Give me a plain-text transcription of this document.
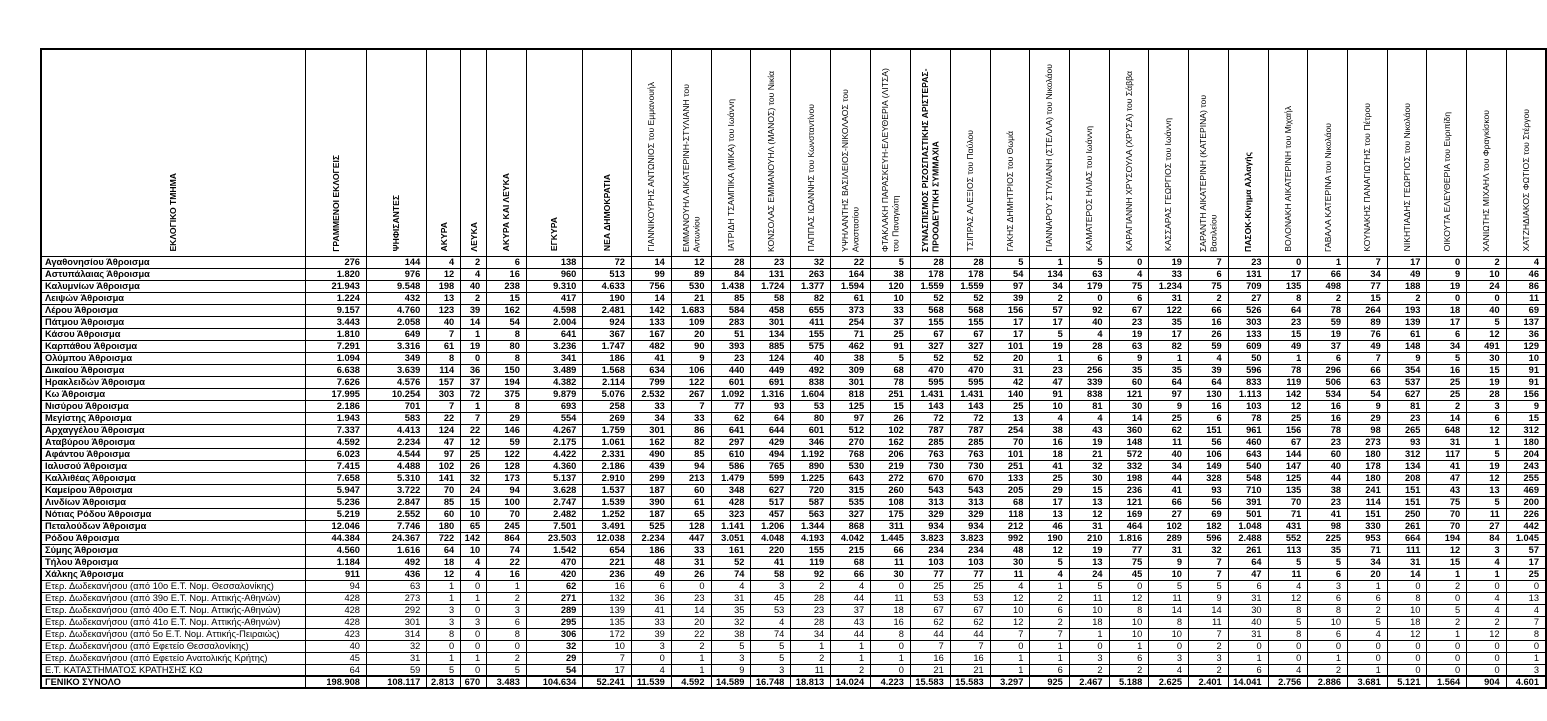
ΕΚΛΟΓΙΚΟ ΤΜΗΜΑ	ΓΡΑΜΜΕΝΟΙ ΕΚΛΟΓΕΙΣ	ΨΗΦΙΣΑΝΤΕΣ	ΑΚΥΡΑ	ΛΕΥΚΑ	ΑΚΥΡΑ ΚΑΙ ΛΕΥΚΑ	ΕΓΚΥΡΑ	ΝΕΑ ΔΗΜΟΚΡΑΤΙΑ	ΓΙΑΝΝΙΚΟΥΡΗΣ ΑΝΤΩΝΙΟΣ του Εμμανουήλ	ΕΜΜΑΝΟΥΗΛ ΑΙΚΑΤΕΡΙΝΗ-ΣΤΥΛΙΑΝΗ του Αντωνίου	ΙΑΤΡΙΔΗ ΤΣΑΜΠΙΚΑ (ΜΙΚΑ) του Ιωάννη	ΚΟΝΣΟΛΑΣ ΕΜΜΑΝΟΥΗΛ (ΜΑΝΟΣ) του Νικία	ΠΑΠΠΑΣ ΙΩΑΝΝΗΣ του Κωνσταντίνου	ΥΨΗΛΑΝΤΗΣ ΒΑΣΙΛΕΙΟΣ-ΝΙΚΟΛΑΟΣ του Αναστασίου	ΦΤΑΚΛΑΚΗ ΠΑΡΑΣΚΕΥΗ-ΕΛΕΥΘΕΡΙΑ (ΛΙΤΣΑ) του Παναγιώτη	ΣΥΝΑΣΠΙΣΜΟΣ ΡΙΖΟΣΠΑΣΤΙΚΗΣ ΑΡΙΣΤΕΡΑΣ-ΠΡΟΟΔΕΥΤΙΚΗ ΣΥΜΜΑΧΙΑ	ΤΣΙΠΡΑΣ ΑΛΕΞΙΟΣ του Παύλου	ΓΑΚΗΣ ΔΗΜΗΤΡΙΟΣ του Θωμά	ΓΙΑΝΝΑΡΟΥ ΣΤΥΛΙΑΝΗ (ΣΤΕΛΛΑ) του Νικολάου	ΚΑΜΑΤΕΡΟΣ ΗΛΙΑΣ του Ιωάννη	ΚΑΡΑΓΙΑΝΝΗ ΧΡΥΣΟΥΛΑ (ΧΡΥΣΑ) του Σάββα	ΚΑΣΣΑΡΑΣ ΓΕΩΡΓΙΟΣ του Ιωάννη	ΣΑΡΑΝΤΗ ΑΙΚΑΤΕΡΙΝΗ (ΚΑΤΕΡΙΝΑ) του Βασιλείου	ΠΑΣΟΚ-Κίνημα Αλλαγής	ΒΟΛΟΝΑΚΗ ΑΙΚΑΤΕΡΙΝΗ του Μιχαήλ	ΓΑΒΑΛΑ ΚΑΤΕΡΙΝΑ του Νικολάου	ΚΟΥΝΑΚΗΣ ΠΑΝΑΓΙΩΤΗΣ του Πέτρου	ΝΙΚΗΤΙΑΔΗΣ ΓΕΩΡΓΙΟΣ του Νικολάου	ΟΙΚΟΥΤΑ ΕΛΕΥΘΕΡΙΑ του Ευριπίδη	ΧΑΝΙΩΤΗΣ ΜΙΧΑΗΛ του Φραγκίσκου	ΧΑΤΖΗΔΙΑΚΟΣ ΦΩΤΙΟΣ του Στέργου

Αγαθονησίου Άθροισμα	276	144	4	2	6	138	72	14	12	28	23	32	22	5	28	28	5	1	5	0	19	7	23	0	1	7	17	0	2	4
Αστυπάλαιας Άθροισμα	1.820	976	12	4	16	960	513	99	89	84	131	263	164	38	178	178	54	134	63	4	33	6	131	17	66	34	49	9	10	46
Καλυμνίων Άθροισμα	21.943	9.548	198	40	238	9.310	4.633	756	530	1.438	1.724	1.377	1.594	120	1.559	1.559	97	34	179	75	1.234	75	709	135	498	77	188	19	24	86
Λειψών Άθροισμα	1.224	432	13	2	15	417	190	14	21	85	58	82	61	10	52	52	39	2	0	6	31	2	27	8	2	15	2	0	0	11
Λέρου Άθροισμα	9.157	4.760	123	39	162	4.598	2.481	142	1.683	584	458	655	373	33	568	568	156	57	92	67	122	66	526	64	78	264	193	18	40	69
Πάτμου Άθροισμα	3.443	2.058	40	14	54	2.004	924	133	109	283	301	411	254	37	155	155	17	17	40	23	35	16	303	23	59	89	139	17	5	137
Κάσου Άθροισμα	1.810	649	7	1	8	641	367	167	20	51	134	155	71	25	67	67	17	5	4	19	17	26	133	15	19	76	61	6	12	36
Καρπάθου Άθροισμα	7.291	3.316	61	19	80	3.236	1.747	482	90	393	885	575	462	91	327	327	101	19	28	63	82	59	609	49	37	49	148	34	491	129
Ολύμπου Άθροισμα	1.094	349	8	0	8	341	186	41	9	23	124	40	38	5	52	52	20	1	6	9	1	4	50	1	6	7	9	5	30	10
Δικαίου Άθροισμα	6.638	3.639	114	36	150	3.489	1.568	634	106	440	449	492	309	68	470	470	31	23	256	35	35	39	596	78	296	66	354	16	15	91
Ηρακλειδών Άθροισμα	7.626	4.576	157	37	194	4.382	2.114	799	122	601	691	838	301	78	595	595	42	47	339	60	64	64	833	119	506	63	537	25	19	91
Κω Άθροισμα	17.995	10.254	303	72	375	9.879	5.076	2.532	267	1.092	1.316	1.604	818	251	1.431	1.431	140	91	838	121	97	130	1.113	142	534	54	627	25	28	156
Νισύρου Άθροισμα	2.186	701	7	1	8	693	258	33	7	77	93	53	125	15	143	143	25	10	81	30	9	16	103	12	16	9	81	2	3	9
Μεγίστης Άθροισμα	1.943	583	22	7	29	554	269	34	33	62	64	80	97	26	72	72	13	4	4	14	25	6	78	25	16	29	23	14	6	15
Αρχαγγέλου Άθροισμα	7.337	4.413	124	22	146	4.267	1.759	301	86	641	644	601	512	102	787	787	254	38	43	360	62	151	961	156	78	98	265	648	12	312
Αταβύρου Άθροισμα	4.592	2.234	47	12	59	2.175	1.061	162	82	297	429	346	270	162	285	285	70	16	19	148	11	56	460	67	23	273	93	31	1	180
Αφάντου Άθροισμα	6.023	4.544	97	25	122	4.422	2.331	490	85	610	494	1.192	768	206	763	763	101	18	21	572	40	106	643	144	60	180	312	117	5	204
Ιαλυσού Άθροισμα	7.415	4.488	102	26	128	4.360	2.186	439	94	586	765	890	530	219	730	730	251	41	32	332	34	149	540	147	40	178	134	41	19	243
Καλλιθέας Άθροισμα	7.658	5.310	141	32	173	5.137	2.910	299	213	1.479	599	1.225	643	272	670	670	133	25	30	198	44	328	548	125	44	180	208	47	12	255
Καμείρου Άθροισμα	5.947	3.722	70	24	94	3.628	1.537	187	60	348	627	720	315	260	543	543	205	29	15	236	41	93	710	135	38	241	151	43	13	469
Λινδίων Άθροισμα	5.236	2.847	85	15	100	2.747	1.539	390	61	428	517	587	535	108	313	313	68	17	13	121	66	56	391	70	23	114	151	75	5	200
Νότιας Ρόδου Άθροισμα	5.219	2.552	60	10	70	2.482	1.252	187	65	323	457	563	327	175	329	329	118	13	12	169	27	69	501	71	41	151	250	70	11	226
Πεταλούδων Άθροισμα	12.046	7.746	180	65	245	7.501	3.491	525	128	1.141	1.206	1.344	868	311	934	934	212	46	31	464	102	182	1.048	431	98	330	261	70	27	442
Ρόδου Άθροισμα	44.384	24.367	722	142	864	23.503	12.038	2.234	447	3.051	4.048	4.193	4.042	1.445	3.823	3.823	992	190	210	1.816	289	596	2.488	552	225	953	664	194	84	1.045
Σύμης Άθροισμα	4.560	1.616	64	10	74	1.542	654	186	33	161	220	155	215	66	234	234	48	12	19	77	31	32	261	113	35	71	111	12	3	57
Τήλου Άθροισμα	1.184	492	18	4	22	470	221	48	31	52	41	119	68	11	103	103	30	5	13	75	9	7	64	5	5	34	31	15	4	17
Χάλκης Άθροισμα	911	436	12	4	16	420	236	49	26	74	58	92	66	30	77	77	11	4	24	45	10	7	47	11	6	20	14	1	1	25
Ετερ. Δωδεκανήσου (από 10ο Ε.Τ. Νομ. Θεσσαλονίκης)	94	63	1	0	1	62	16	6	0	4	3	2	4	0	25	25	4	1	5	0	5	5	6	4	3	1	0	2	0	0
Ετερ. Δωδεκανήσου (από 39ο Ε.Τ. Νομ. Αττικής-Αθηνών)	428	273	1	1	2	271	132	36	23	31	45	28	44	11	53	53	12	2	11	12	11	9	31	12	6	6	8	0	4	13
Ετερ. Δωδεκανήσου (από 40ο Ε.Τ. Νομ. Αττικής-Αθηνών)	428	292	3	0	3	289	139	41	14	35	53	23	37	18	67	67	10	6	10	8	14	14	30	8	8	2	10	5	4	4
Ετερ. Δωδεκανήσου (από 41ο Ε.Τ. Νομ. Αττικής-Αθηνών)	428	301	3	3	6	295	135	33	20	32	4	28	43	16	62	62	12	2	18	10	8	11	40	5	10	5	18	2	2	7
Ετερ. Δωδεκανήσου (από 5ο Ε.Τ. Νομ. Αττικής-Πειραιώς)	423	314	8	0	8	306	172	39	22	38	74	34	44	8	44	44	7	7	1	10	10	7	31	8	6	4	12	1	12	8
Ετερ. Δωδεκανήσου (από Εφετείο Θεσσαλονίκης)	40	32	0	0	0	32	10	3	2	5	5	1	1	0	7	7	0	1	0	1	0	2	0	0	0	0	0	0	0	0
Ετερ. Δωδεκανήσου (από Εφετείο Ανατολικής Κρήτης)	45	31	1	1	2	29	7	0	1	3	5	2	1	1	16	16	1	1	3	6	3	3	1	0	1	0	0	0	0	1
Ε.Τ. ΚΑΤΑΣΤΗΜΑΤΟΣ ΚΡΑΤΗΣΗΣ ΚΩ	64	59	5	0	5	54	17	4	1	9	3	11	2	0	21	21	1	6	2	2	4	2	6	4	2	1	0	0	0	3
ΓΕΝΙΚΟ ΣΥΝΟΛΟ	198.908	108.117	2.813	670	3.483	104.634	52.241	11.539	4.592	14.589	16.748	18.813	14.024	4.223	15.583	15.583	3.297	925	2.467	5.188	2.625	2.401	14.041	2.756	2.886	3.681	5.121	1.564	904	4.601
